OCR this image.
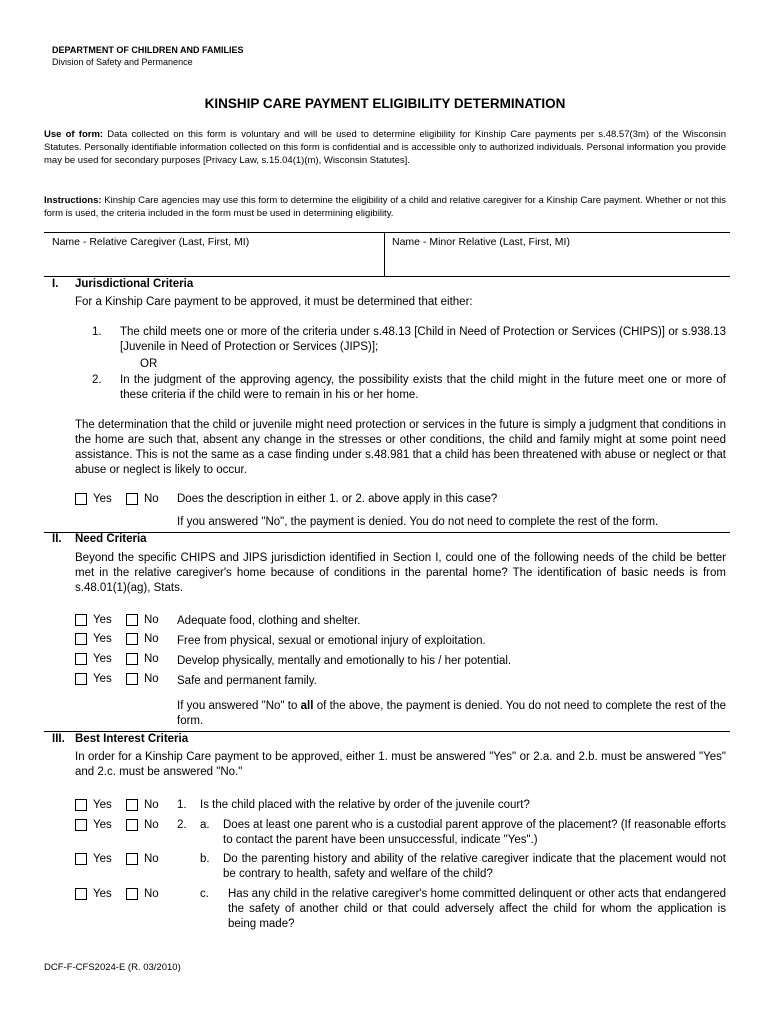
DEPARTMENT OF CHILDREN AND FAMILIES
Division of Safety and Permanence
KINSHIP CARE PAYMENT ELIGIBILITY DETERMINATION
Use of form: Data collected on this form is voluntary and will be used to determine eligibility for Kinship Care payments per s.48.57(3m) of the Wisconsin Statutes. Personally identifiable information collected on this form is confidential and is accessible only to authorized individuals. Personal information you provide may be used for secondary purposes [Privacy Law, s.15.04(1)(m), Wisconsin Statutes].
Instructions: Kinship Care agencies may use this form to determine the eligibility of a child and relative caregiver for a Kinship Care payment. Whether or not this form is used, the criteria included in the form must be used in determining eligibility.
Name - Relative Caregiver (Last, First, MI)	Name - Minor Relative (Last, First, MI)
I. Jurisdictional Criteria
For a Kinship Care payment to be approved, it must be determined that either:
1. The child meets one or more of the criteria under s.48.13 [Child in Need of Protection or Services (CHIPS)] or s.938.13 [Juvenile in Need of Protection or Services (JIPS)];
OR
2. In the judgment of the approving agency, the possibility exists that the child might in the future meet one or more of these criteria if the child were to remain in his or her home.
The determination that the child or juvenile might need protection or services in the future is simply a judgment that conditions in the home are such that, absent any change in the stresses or other conditions, the child and family might at some point need assistance. This is not the same as a case finding under s.48.981 that a child has been threatened with abuse or neglect or that abuse or neglect is likely to occur.
Yes	No Does the description in either 1. or 2. above apply in this case?
If you answered "No", the payment is denied. You do not need to complete the rest of the form.
II. Need Criteria
Beyond the specific CHIPS and JIPS jurisdiction identified in Section I, could one of the following needs of the child be better met in the relative caregiver's home because of conditions in the parental home? The identification of basic needs is from s.48.01(1)(ag), Stats.
Yes	No Adequate food, clothing and shelter.
Yes	No Free from physical, sexual or emotional injury of exploitation.
Yes	No Develop physically, mentally and emotionally to his / her potential.
Yes	No Safe and permanent family.
If you answered "No" to all of the above, the payment is denied. You do not need to complete the rest of the form.
III. Best Interest Criteria
In order for a Kinship Care payment to be approved, either 1. must be answered "Yes" or 2.a. and 2.b. must be answered "Yes" and 2.c. must be answered "No."
Yes	No 1. Is the child placed with the relative by order of the juvenile court?
Yes	No 2. a. Does at least one parent who is a custodial parent approve of the placement? (If reasonable efforts to contact the parent have been unsuccessful, indicate "Yes".)
Yes	No	b. Do the parenting history and ability of the relative caregiver indicate that the placement would not be contrary to health, safety and welfare of the child?
Yes	No	c. Has any child in the relative caregiver's home committed delinquent or other acts that endangered the safety of another child or that could adversely affect the child for whom the application is being made?
DCF-F-CFS2024-E (R. 03/2010)
